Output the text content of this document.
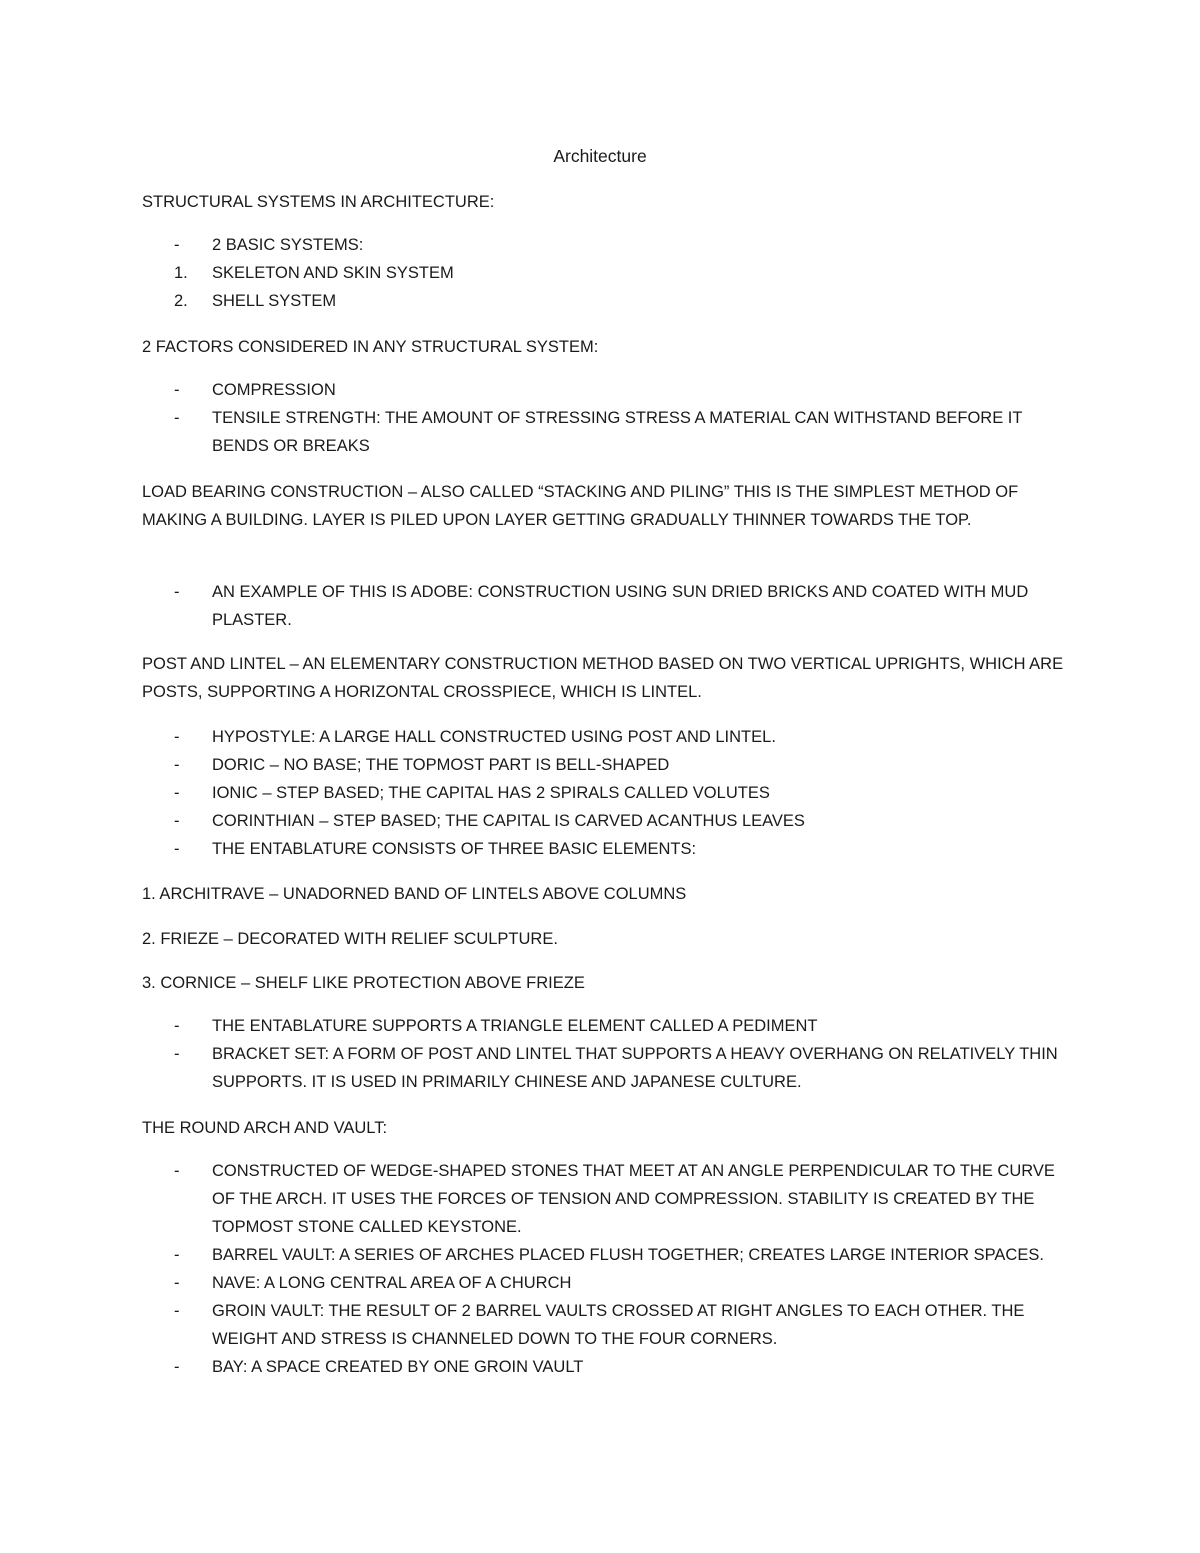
Architecture

STRUCTURAL SYSTEMS IN ARCHITECTURE:

- 2 BASIC SYSTEMS:
1. SKELETON AND SKIN SYSTEM
2. SHELL SYSTEM

2 FACTORS CONSIDERED IN ANY STRUCTURAL SYSTEM:

- COMPRESSION
- TENSILE STRENGTH: THE AMOUNT OF STRESSING STRESS A MATERIAL CAN WITHSTAND BEFORE IT BENDS OR BREAKS

LOAD BEARING CONSTRUCTION – ALSO CALLED “STACKING AND PILING” THIS IS THE SIMPLEST METHOD OF MAKING A BUILDING. LAYER IS PILED UPON LAYER GETTING GRADUALLY THINNER TOWARDS THE TOP.

- AN EXAMPLE OF THIS IS ADOBE: CONSTRUCTION USING SUN DRIED BRICKS AND COATED WITH MUD PLASTER.

POST AND LINTEL – AN ELEMENTARY CONSTRUCTION METHOD BASED ON TWO VERTICAL UPRIGHTS, WHICH ARE POSTS, SUPPORTING A HORIZONTAL CROSSPIECE, WHICH IS LINTEL.

- HYPOSTYLE: A LARGE HALL CONSTRUCTED USING POST AND LINTEL.
- DORIC – NO BASE; THE TOPMOST PART IS BELL-SHAPED
- IONIC – STEP BASED; THE CAPITAL HAS 2 SPIRALS CALLED VOLUTES
- CORINTHIAN – STEP BASED; THE CAPITAL IS CARVED ACANTHUS LEAVES
- THE ENTABLATURE CONSISTS OF THREE BASIC ELEMENTS:

1. ARCHITRAVE – UNADORNED BAND OF LINTELS ABOVE COLUMNS

2. FRIEZE – DECORATED WITH RELIEF SCULPTURE.

3. CORNICE – SHELF LIKE PROTECTION ABOVE FRIEZE

- THE ENTABLATURE SUPPORTS A TRIANGLE ELEMENT CALLED A PEDIMENT
- BRACKET SET: A FORM OF POST AND LINTEL THAT SUPPORTS A HEAVY OVERHANG ON RELATIVELY THIN SUPPORTS. IT IS USED IN PRIMARILY CHINESE AND JAPANESE CULTURE.

THE ROUND ARCH AND VAULT:

- CONSTRUCTED OF WEDGE-SHAPED STONES THAT MEET AT AN ANGLE PERPENDICULAR TO THE CURVE OF THE ARCH. IT USES THE FORCES OF TENSION AND COMPRESSION. STABILITY IS CREATED BY THE TOPMOST STONE CALLED KEYSTONE.
- BARREL VAULT: A SERIES OF ARCHES PLACED FLUSH TOGETHER; CREATES LARGE INTERIOR SPACES.
- NAVE: A LONG CENTRAL AREA OF A CHURCH
- GROIN VAULT: THE RESULT OF 2 BARREL VAULTS CROSSED AT RIGHT ANGLES TO EACH OTHER. THE WEIGHT AND STRESS IS CHANNELED DOWN TO THE FOUR CORNERS.
- BAY: A SPACE CREATED BY ONE GROIN VAULT
